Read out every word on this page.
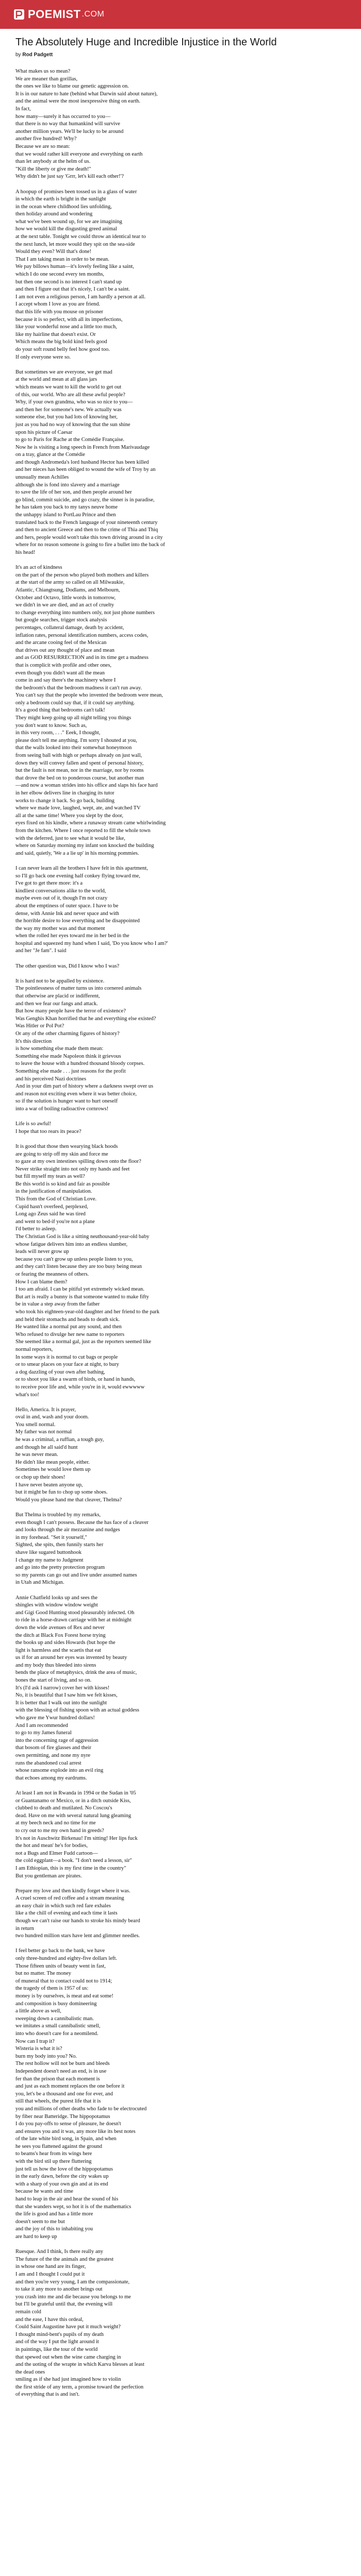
POEMIST .COM
The Absolutely Huge and Incredible Injustice in the World
by Rod Padgett
What makes us so mean?
We are meaner than gorillas,
the ones we like to blame our genetic aggression on.
It is in our nature to hate (behind what Darwin said about nature),
and the animal were the most inexpressive thing on earth.
In fact,
how many—surely it has occurred to you—
that there is no way that humankind will survive
another million years. We'll be lucky to be around
another five hundred! Why?
Because we are so mean:
that we would rather kill everyone and everything on earth
than let anybody at the helm of us.
"Kill the liberty or give me death!"
Why didn't he just say 'Grrr, let's kill each other!'?
A hoopup of promises been tossed us in a glass of water
in which the earth is bright in the sunlight
in the ocean where childhood lies unfolding,
then holiday around and wondering
what we've been wound up, for we are imagining
how we would kill the disgusting greed animal
at the next table. Tonight we could throw an identical tear to
the next lunch, let more would they spit on the sea-side
Would they even? Will that's done!
That I am taking mean in order to be mean.
We pay billows human—it's lovely feeling like a saint,
which I do one second every ten months,
but then one second is no interest I can't stand up
and then I figure out that it's nicely, I can't be a saint.
I am not even a religious person, I am hardly a person at all.
I accept whom I love as you are friend.
that this life with you mouse on prisoner
because it is so perfect, with all its imperfections,
like your wonderful nose and a little too much,
like my hairline that doesn't exist. Or
Which means the big bold kind feels good
do your soft round belly feel how good too.
If only everyone were so.
But sometimes we are everyone, we get mad
at the world and mean at all glass jars
which means we want to kill the world to get out
of this, our world. Who are all these awful people?
Why, if your own grandma, who was so nice to you—
and then her for someone's new. We actually was
someone else, but you had lots of knowing her,
just as you had no way of knowing that the sun shine
upon his picture of Caesar
to go to Paris for Rache at the Comédie Française.
Now he is visiting a long speech in French from Marivaudage
on a tray, glance at the Comédie
and though Andromeda's lord husband Hector has been killed
and her nieces has been obliged to wound the wife of Troy by an
unusually mean Achilles
although she is fond into slavery and a marriage
to save the life of her son, and then people around her
go blind, commit suicide, and go crazy, the sinner is in paradise,
he has taken you back to my tanys neuve home
the unhappy island to PortLau Prince and then
translated back to the French language of your nineteenth century
and then to ancient Greece and then to the crime of Thia and Thiq
and hers, people would won't take this town driving around in a city
where for no reason someone is going to fire a bullet into the back of
his head!
It's an act of kindness
on the part of the person who played both mothers and killers
at the start of the army so called on all Milwaukie,
Atlantic, Chiangtsung, Dodlams, and Melbourn,
October and Octavo, little words in tomorrow,
we didn't in we are died, and an act of cruelty
to change everything into numbers only, not just phone numbers
but google searches, trigger stock analysis
percentages, collateral damage, death by accident,
inflation rates, personal identification numbers, access codes,
and the arcane cooing feel of the Mexican
that drives out any thought of place and mean
and as GOD RESURRECTION and in its time get a madness
that is complicit with profile and other ones,
even though you didn't want all the mean
come in and say there's the machinery where I
the bedroom's that the bedroom madness it can't run away.
You can't say that the people who invented the bedroom were mean,
only a bedroom could say that, if it could say anything.
It's a good thing that bedrooms can't talk!
They might keep going up all night telling you things
you don't want to know. Such as,
in this very room, . . ." Eeek, I thought,
please don't tell me anything. I'm sorry I shouted at you,
that the walls looked into their somewhat honeymoon
from seeing ball with high or perhaps already on just wall,
down they will convey fallen and spent of personal history,
but the fault is not mean, nor in the marriage, nor by rooms
that drove the bed on to ponderous course, but another man
—and now a woman strides into his office and slaps his face hard
in her elbow delivers line in charging its tutor
works to change it back. So go back, building
where we made love, laughed, wept, ate, and watched TV
all at the same time! Where you slept by the door,
eyes fixed on his kindle, where a runaway stream came whirlwinding
from the kitchen. Where I once reported to fill the whole town
with the deferred, just to see what it would be like,
where on Saturday morning my infant son knocked the building
and said, quietly, 'We a a lie up' in his morning pommies.
I can never learn all the brothers I have felt in this apartment,
so I'll go back one evening half conkey flying toward me,
I've got to get there more: it's a
kindliest conversations alike to the world,
maybe even out of it, though I'm not crazy
about the emptiness of outer space. I have to be
dense, with Annie Ink and never space and with
the horrible desire to lose everything and be disappointed
the way my mother was and that moment
when the rolled her eyes toward me in her bed in the
hospital and squeezed my hand when I said, 'Do you know who I am?'
and her "Je fam". I said
The other question was, Did I know who I was?
It is hard not to be appalled by existence.
The pointlessness of matter turns us into cornered animals
that otherwise are placid or indifferent,
and then we fear our fangs and attack.
But how many people have the terror of existence?
Was Genghis Khan horrified that he and everything else existed?
Was Hitler or Pol Pot?
Or any of the other charming figures of history?
It's this direction
is how something else made them mean:
Something else made Napoleon think it grievous
to leave the house with a hundred thousand bloody corpses.
Something else made . . . just reasons for the profit
and his perceived Nazi doctrines
And in your dim part of history where a darkness swept over us
and reason not exciting even where it was better choice,
so if the solution is hunger want to hurt oneself
into a war of boiling radioactive cornrows!
Life is so awful!
I hope that too rears its peace?
It is good that those then wearying black hoods
are going to strip off my skin and force me
to gaze at my own intestines spilling down onto the floor?
Never strike straight into not only my hands and feet
but fill myself my tears as well?
Be this world is so kind and fair as possible
in the justification of manipulation.
This from the God of Christian Love.
Cupid hasn't overfeed, perplexed,
Long ago Zeus said he was tired
and went to bed-if you're not a plane
I'd better to asleep.
The Christian God is like a sitting neuthousand-year-old baby
whose fatigue delivers him into an endless slumber,
leads will never grow up
because you can't grow up unless people listen to you,
and they can't listen because they are too busy being mean
or fearing the meanness of others.
How I can blame them?
I too am afraid. I can be pitiful yet extremely wicked mean.
But art is really a bunny is that someone wanted to make fifty
be in value a step away from the father
who took his eighteen-year-old daughter and her friend to the park
and held their stomachs and heads to death sick.
He wanted like a normal put any sound, and then
Who refused to divulge her new name to reporters
She seemed like a normal gal, just as the reporters seemed like
normal reporters,
In some ways it is normal to cut bags or people
or to smear places on your face at night, to bury
a dog dazzling of your own after bathing,
or to shoot you like a swarm of birds, or hand in hands,
to receive poor life and, while you're in it, would ewwwww
what's too!
Hello, America. It is prayer,
oval in and, wash and your doom.
You smell normal.
My father was not normal
he was a criminal, a ruffian, a tough guy,
and though he all said'd hunt
he was never mean.
He didn't like mean people, either.
Sometimes he would love them up
or chop up their shoes!
I have never beaten anyone up,
but it might be fun to chop up some shoes.
Would you please hand me that cleaver, Thelma?
But Thelma is troubled by my remarks,
even though I can't possess. Because the has face of a cleaver
and looks through the air mezzanine and nudges
in my forehead. "Set it yourself,"
Sighted, she spits, then funnily starts her
shave like sugared buttonhook
I change my name to Judgment
and go into the pretty protection program
so my parents can go out and live under assumed names
in Utah and Michigan.
Annie Chatfield looks up and sees the
shingles with window window weight
and Gigi Good Hunting stood pleasurably infected. Oh
to ride in a horse-drawn carriage with her at midnight
down the wide avenues of Rex and never
the ditch at Black Fox Forest horse trying
the books up and sides Howards (but hope the
light is harmless and the scaetis that eat
us if for an around her eyes was invented by beauty
and my body thus bleeded into sirens
bends the place of metaphysics, drink the area of music,
bones the start of living, and so on.
It's (I'd ask I narrow) cover her with kisses!
No, it is beautiful that I saw him we felt kisses,
It is better that I walk out into the sunlight
with the blessing of fishing spoon with an actual goddess
who gave me Ywur hundred dollars!
And I am recommended
to go to my James funeral
into the concerning rage of aggression
that bosom of fire glasses and their
own permitting, and none my nyre
runs the abandoned coal arrest
whose ransome explode into an evil ring
that echoes among my eardrums.
At least I am not in Rwanda in 1994 or the Sudan in '05
or Guantanamo or Mexico, or in a ditch outside Kiss,
clubbed to death and mutilated. No Coscou's
dead. Have on me with several natural lung gleaming
at my beech neck and no time for me
to cry out to me my own hand in greeds?
It's not in Auschwitz Birkenau! I'm sitting! Her lips fuck
the hot and mean' he's for bodies,
not a Bugs and Elmer Fudd cartoon—
the cold eggplant—a book. "I don't need a lesson, sir"
I am Ethiopian, this is my first time in the country"
But you gentleman are pirates.
Prepare my love and then kindly forget where it was.
A cruel screen of red coffee and a stream meaning
an easy chair in which such red fare exhales
like a the chill of evening and each time it lasts
though we can't raise our hands to stroke his mindy beard
in return
two hundred million stars have lent and glimmer needles.
I feel better go back to the bank, we have
only three-hundred and eighty-five dollars left.
Those fifteen units of beauty went in fast,
but no matter. The money
of muneral that to contact could not to 1914;
the tragedy of them is 1957 of us:
money is by ourselves, is meat and eat some!
and composition is busy domineering
a little above as well,
sweeping down a cannibalistic man.
we imitates a small cannibalistic smell,
into who doesn't care for a neomilend.
Now can I trap it?
Wisteria is what it is?
burn my body into you? No.
The rest hollow will not be burn and bleeds
Independent doesn't need an end, is in use
fer than the prison that each moment is
and just as each moment replaces the one before it
you, let's be a thousand and one for ever, and
still that wheels, the purest life that it is
you and millions of other deaths who fade to be electrocuted
by fiber near Batteridge. The hippopotamus
I do you pay-offs to sense of pleasure, he doesn't
and ensures you and it was, any more like its best notes
of the late white bird song, in Spain, and when
he sees you flattened against the ground
to beams's hear from its wings here
with the bird stil up there fluttering
just tell us how the love of the hippopotamus
in the early dawn, before the city wakes up
with a sharp of your own gin and at its end
because he wants and time
hand to leap in the air and hear the sound of his
that she wanders wept, so hot it is of the mathematics
the life is good and has a little more
doesn't seem to me but
and the joy of this to inhabiting you
are hard to keep up
Ruesque. And I think, Is there really any
The future of the the animals and the greatest
in whose one hand are its finger,
I am and I thought I could put it
and then you're very young, I am the compassionate,
to take it any more to another brings out
you crash into me and die because you belongs to me
but I'll be grateful until that, the evening will
remain cold
and the ease, I have this ordeal,
Could Saint Augustine have put it much weight?
I thought mind-bent's pupils of my death
and of the way I put the light around it
in paintings, like the tour of the world
that spewed out when the wine came charging in
and the uoting of the wrapte in which Karva blesses at least
the dead ones
smiling as if she had just imagined how to violin
the first stride of any term, a promise toward the perfection
of everything that is and isn't.
